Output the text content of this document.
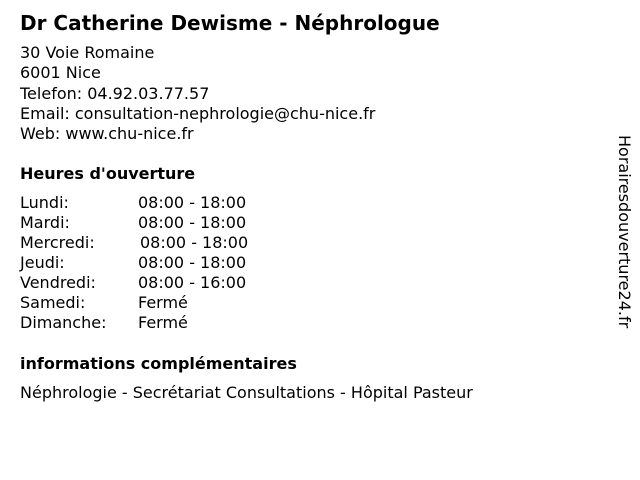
Dr Catherine Dewisme - Néphrologue
30 Voie Romaine
6001 Nice
Telefon: 04.92.03.77.57
Email: consultation-nephrologie@chu-nice.fr
Web: www.chu-nice.fr
Heures d'ouverture
Lundi:	08:00 - 18:00
Mardi:	08:00 - 18:00
Mercredi:	08:00 - 18:00
Jeudi:	08:00 - 18:00
Vendredi:	08:00 - 16:00
Samedi:	Fermé
Dimanche: Fermé
informations complémentaires
Néphrologie - Secrétariat Consultations - Hôpital Pasteur
Horairesdouverture24.fr
